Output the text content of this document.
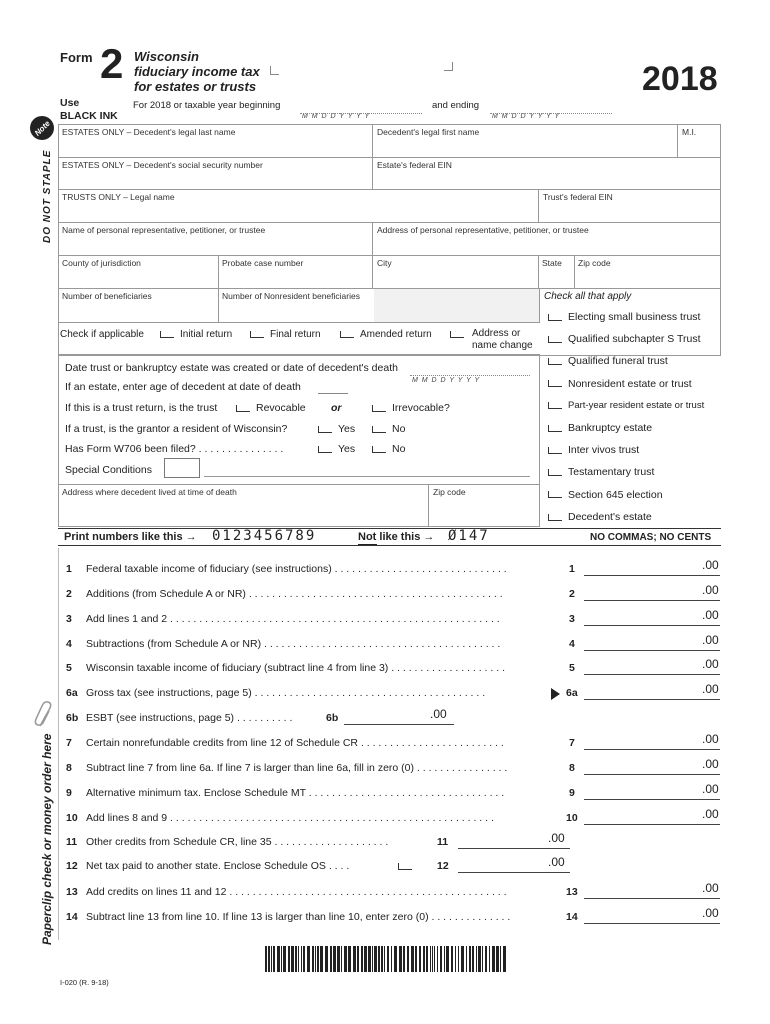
Form 2 Wisconsin
fiduciary income tax
for estates or trusts	2018
Use
BLACK INK
For 2018 or taxable year beginning
M M D D Y Y Y Y
and ending
M M D D Y Y Y Y
Note
DO NOT STAPLE
Paperclip check or money order here
ESTATES ONLY – Decedent's legal last name	Decedent's legal first name	M.I.
ESTATES ONLY – Decedent's social security number	Estate's federal EIN
TRUSTS ONLY – Legal name	Trust's federal EIN
Name of personal representative, petitioner, or trustee	Address of personal representative, petitioner, or trustee
County of jurisdiction	Probate case number	City	State Zip code
Number of beneficiaries	Number of Nonresident beneficiaries
Check if applicable	Initial return	Final return	Amended return	Address or
name change
Date trust or bankruptcy estate was created or date of decedent's death
M M D D Y Y Y Y
If an estate, enter age of decedent at date of death
If this is a trust return, is the trust	Revocable or	Irrevocable?
If a trust, is the grantor a resident of Wisconsin?	Yes	No
Has Form W706 been filed? . . . . . . . . . . . . . . .	Yes	No
Special Conditions
Address where decedent lived at time of death	Zip code
Check all that apply
Electing small business trust
Qualified subchapter S Trust
Qualified funeral trust
Nonresident estate or trust
Part-year resident estate or trust
Bankruptcy estate
Inter vivos trust
Testamentary trust
Section 645 election
Decedent's estate
Print numbers like this → 0123456789	Not like this → Ø147	NO COMMAS; NO CENTS
1 Federal taxable income of fiduciary (see instructions) . . . . . . . . . . . . . . . . . . . . . . . . . . . . . .	1	.00
2 Additions (from Schedule A or NR) . . . . . . . . . . . . . . . . . . . . . . . . . . . . . . . . . . . . . . . . . . . .	2	.00
3 Add lines 1 and 2 . . . . . . . . . . . . . . . . . . . . . . . . . . . . . . . . . . . . . . . . . . . . . . . . . . . . . . . . .	3	.00
4 Subtractions (from Schedule A or NR) . . . . . . . . . . . . . . . . . . . . . . . . . . . . . . . . . . . . . . . . .	4	.00
5 Wisconsin taxable income of fiduciary (subtract line 4 from line 3) . . . . . . . . . . . . . . . . . . . .	5	.00
6a Gross tax (see instructions, page 5) . . . . . . . . . . . . . . . . . . . . . . . . . . . . . . . . . . . . . . . .	6a	.00
6b ESBT (see instructions, page 5) . . . . . . . . . .	6b	.00
7 Certain nonrefundable credits from line 12 of Schedule CR . . . . . . . . . . . . . . . . . . . . . . . . .	7	.00
8 Subtract line 7 from line 6a. If line 7 is larger than line 6a, fill in zero (0) . . . . . . . . . . . . . . . .	8	.00
9 Alternative minimum tax. Enclose Schedule MT . . . . . . . . . . . . . . . . . . . . . . . . . . . . . . . . . .	9	.00
10 Add lines 8 and 9 . . . . . . . . . . . . . . . . . . . . . . . . . . . . . . . . . . . . . . . . . . . . . . . . . . . . . . . .	10	.00
11 Other credits from Schedule CR, line 35 . . . . . . . . . . . . . . . . . . . .	11	.00
12 Net tax paid to another state. Enclose Schedule OS . . . .	12	.00
13 Add credits on lines 11 and 12 . . . . . . . . . . . . . . . . . . . . . . . . . . . . . . . . . . . . . . . . . . . . . . . .	13	.00
14 Subtract line 13 from line 10. If line 13 is larger than line 10, enter zero (0) . . . . . . . . . . . . . .	14	.00
I-020 (R. 9-18)
